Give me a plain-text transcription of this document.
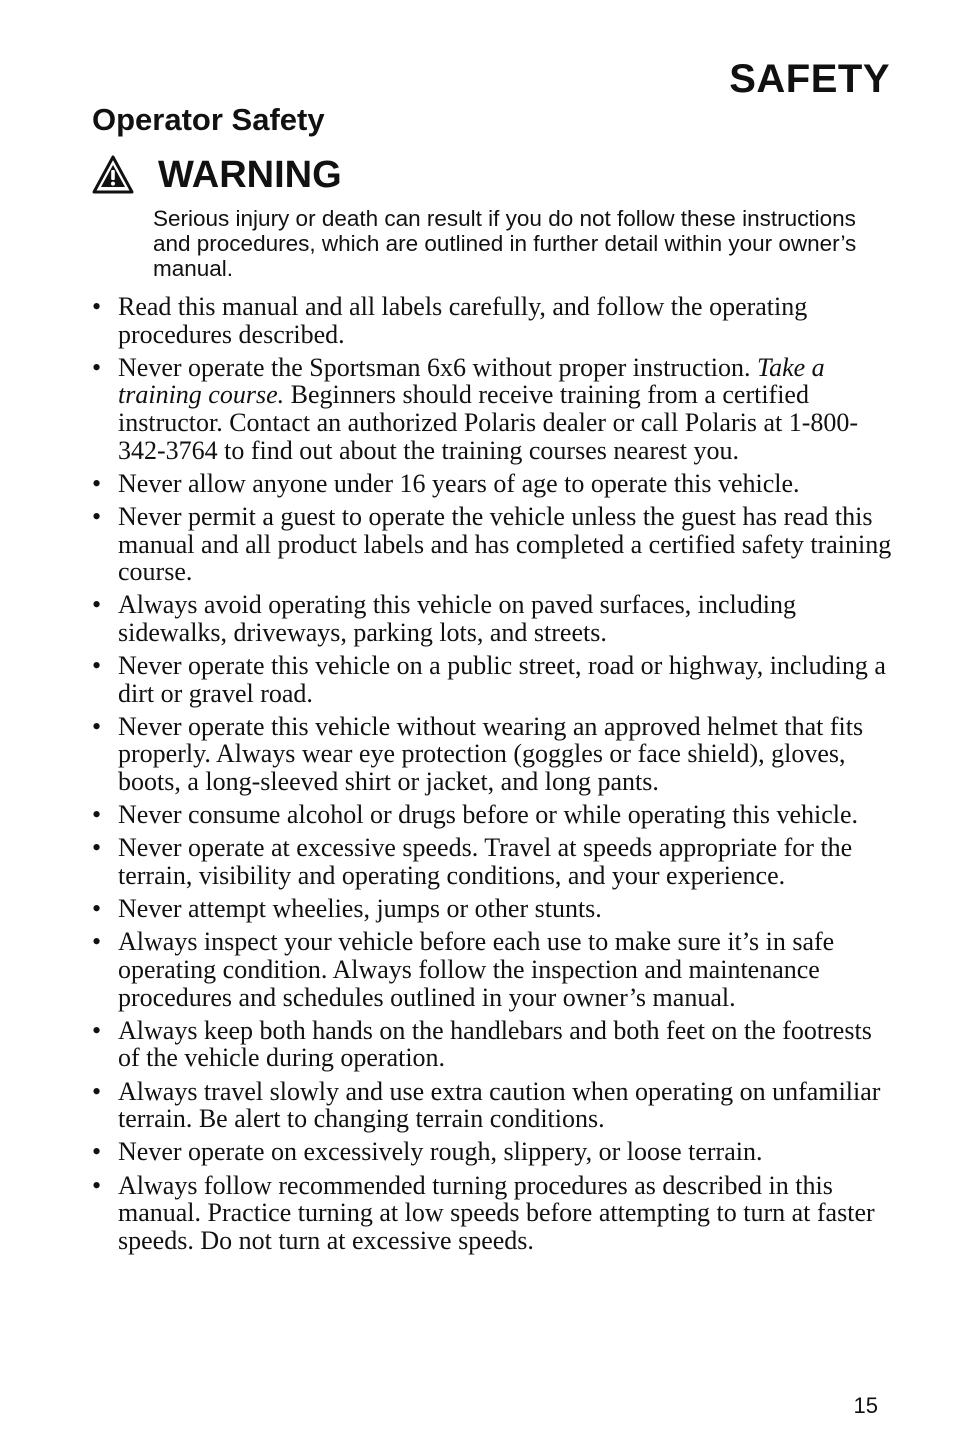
SAFETY
Operator Safety
WARNING

Serious injury or death can result if you do not follow these instructions and procedures, which are outlined in further detail within your owner’s manual.

• Read this manual and all labels carefully, and follow the operating procedures described.
• Never operate the Sportsman 6x6 without proper instruction. Take a training course. Beginners should receive training from a certified instructor. Contact an authorized Polaris dealer or call Polaris at 1-800-342-3764 to find out about the training courses nearest you.
• Never allow anyone under 16 years of age to operate this vehicle.
• Never permit a guest to operate the vehicle unless the guest has read this manual and all product labels and has completed a certified safety training course.
• Always avoid operating this vehicle on paved surfaces, including sidewalks, driveways, parking lots, and streets.
• Never operate this vehicle on a public street, road or highway, including a dirt or gravel road.
• Never operate this vehicle without wearing an approved helmet that fits properly. Always wear eye protection (goggles or face shield), gloves, boots, a long-sleeved shirt or jacket, and long pants.
• Never consume alcohol or drugs before or while operating this vehicle.
• Never operate at excessive speeds. Travel at speeds appropriate for the terrain, visibility and operating conditions, and your experience.
• Never attempt wheelies, jumps or other stunts.
• Always inspect your vehicle before each use to make sure it’s in safe operating condition. Always follow the inspection and maintenance procedures and schedules outlined in your owner’s manual.
• Always keep both hands on the handlebars and both feet on the footrests of the vehicle during operation.
• Always travel slowly and use extra caution when operating on unfamiliar terrain. Be alert to changing terrain conditions.
• Never operate on excessively rough, slippery, or loose terrain.
• Always follow recommended turning procedures as described in this manual. Practice turning at low speeds before attempting to turn at faster speeds. Do not turn at excessive speeds.

15
